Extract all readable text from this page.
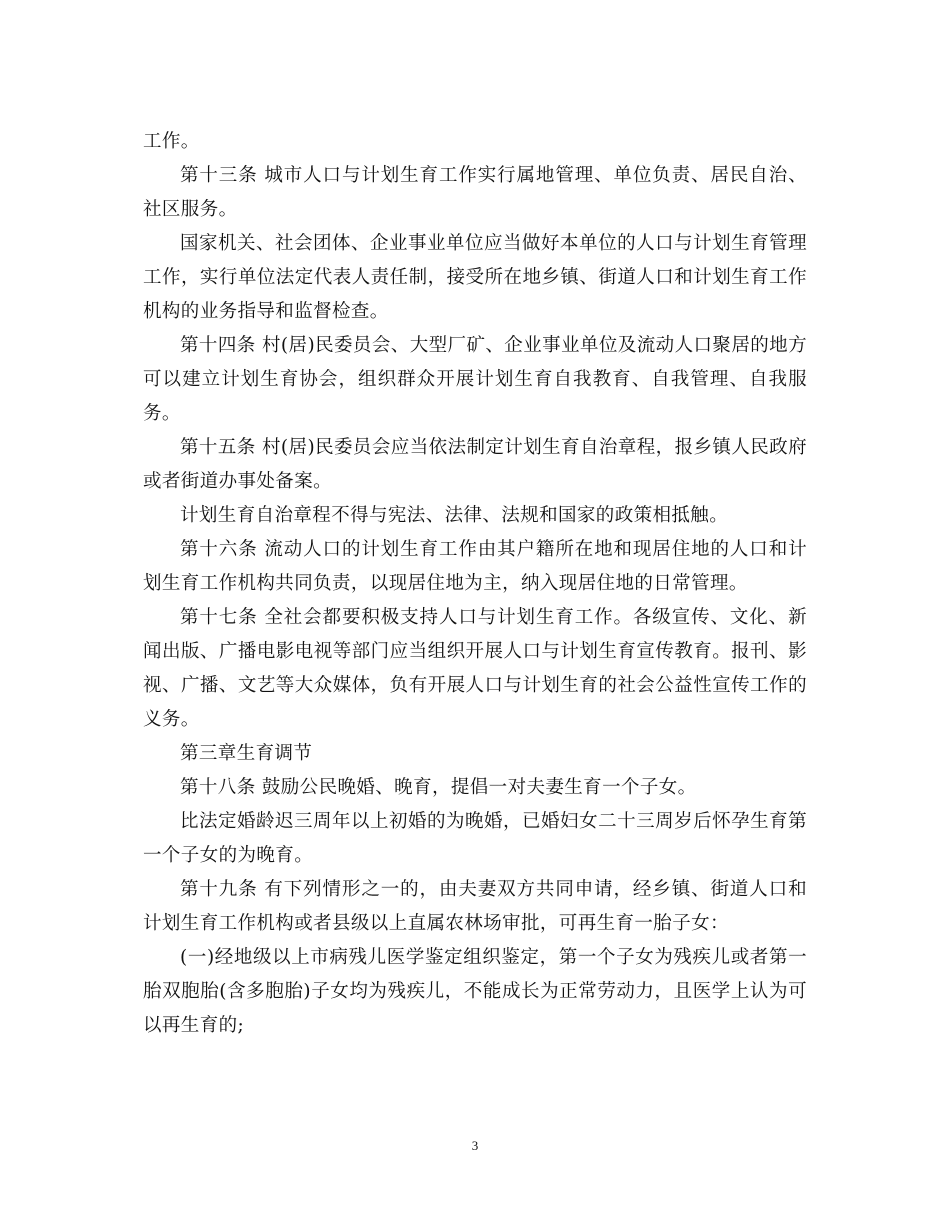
工作。

第十三条 城市人口与计划生育工作实行属地管理、单位负责、居民自治、社区服务。

国家机关、社会团体、企业事业单位应当做好本单位的人口与计划生育管理工作，实行单位法定代表人责任制，接受所在地乡镇、街道人口和计划生育工作机构的业务指导和监督检查。

第十四条 村(居)民委员会、大型厂矿、企业事业单位及流动人口聚居的地方可以建立计划生育协会，组织群众开展计划生育自我教育、自我管理、自我服务。

第十五条 村(居)民委员会应当依法制定计划生育自治章程，报乡镇人民政府或者街道办事处备案。

计划生育自治章程不得与宪法、法律、法规和国家的政策相抵触。

第十六条 流动人口的计划生育工作由其户籍所在地和现居住地的人口和计划生育工作机构共同负责，以现居住地为主，纳入现居住地的日常管理。

第十七条 全社会都要积极支持人口与计划生育工作。各级宣传、文化、新闻出版、广播电影电视等部门应当组织开展人口与计划生育宣传教育。报刊、影视、广播、文艺等大众媒体，负有开展人口与计划生育的社会公益性宣传工作的义务。

第三章生育调节

第十八条 鼓励公民晚婚、晚育，提倡一对夫妻生育一个子女。

比法定婚龄迟三周年以上初婚的为晚婚，已婚妇女二十三周岁后怀孕生育第一个子女的为晚育。

第十九条 有下列情形之一的，由夫妻双方共同申请，经乡镇、街道人口和计划生育工作机构或者县级以上直属农林场审批，可再生育一胎子女：

(一)经地级以上市病残儿医学鉴定组织鉴定，第一个子女为残疾儿或者第一胎双胞胎(含多胞胎)子女均为残疾儿，不能成长为正常劳动力，且医学上认为可以再生育的;

3
